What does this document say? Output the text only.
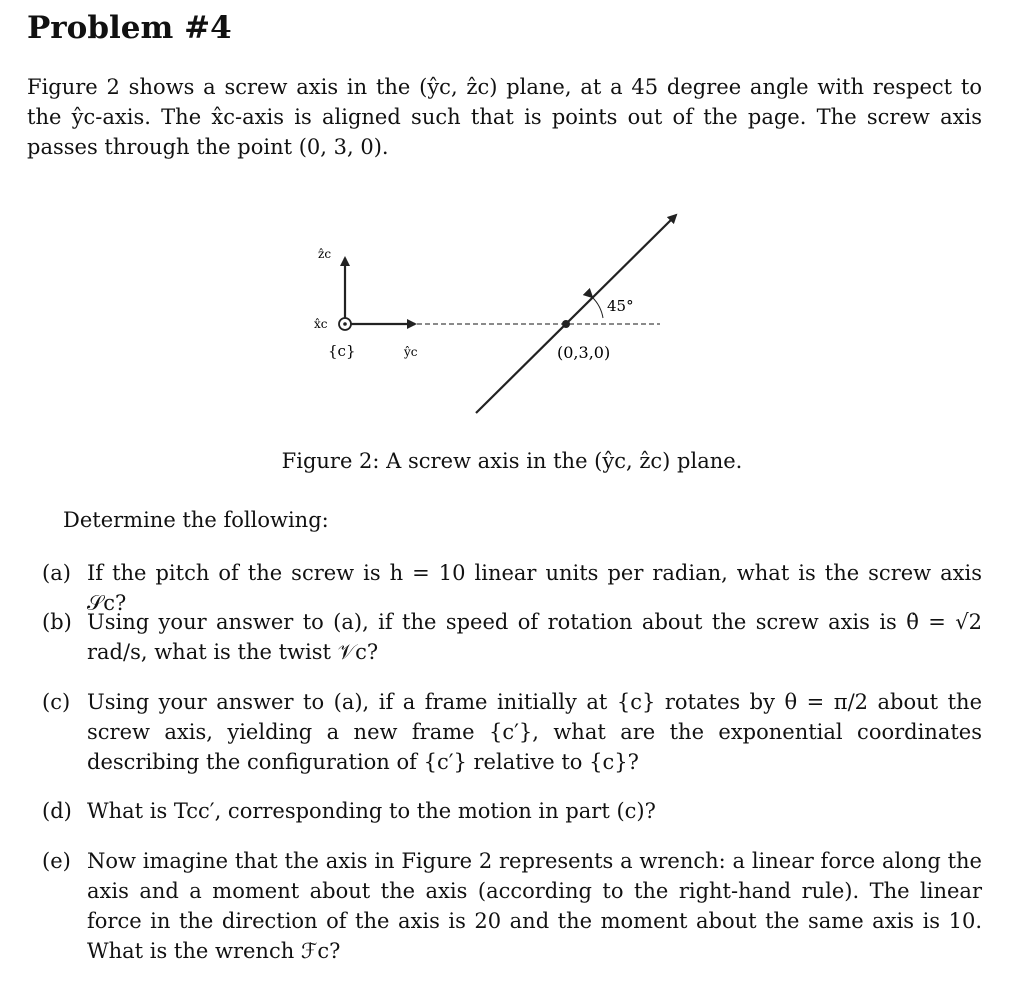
Problem #4

Figure 2 shows a screw axis in the (ŷc, ẑc) plane, at a 45 degree angle with respect to the ŷc-axis. The x̂c-axis is aligned such that is points out of the page. The screw axis passes through the point (0, 3, 0).

ẑc
x̂c
{c}	ŷc
45°
(0,3,0)
Figure 2: A screw axis in the (ŷc, ẑc) plane.
Determine the following:
(a) If the pitch of the screw is h = 10 linear units per radian, what is the screw axis 𝒮c?
(b) Using your answer to (a), if the speed of rotation about the screw axis is θ̇ = √2 rad/s, what is the twist 𝒱c?
(c) Using your answer to (a), if a frame initially at {c} rotates by θ = π/2 about the screw axis, yielding a new frame {c′}, what are the exponential coordinates describing the configuration of {c′} relative to {c}?
(d) What is Tcc′, corresponding to the motion in part (c)?
(e) Now imagine that the axis in Figure 2 represents a wrench: a linear force along the axis and a moment about the axis (according to the right-hand rule). The linear force in the direction of the axis is 20 and the moment about the same axis is 10. What is the wrench ℱc?
